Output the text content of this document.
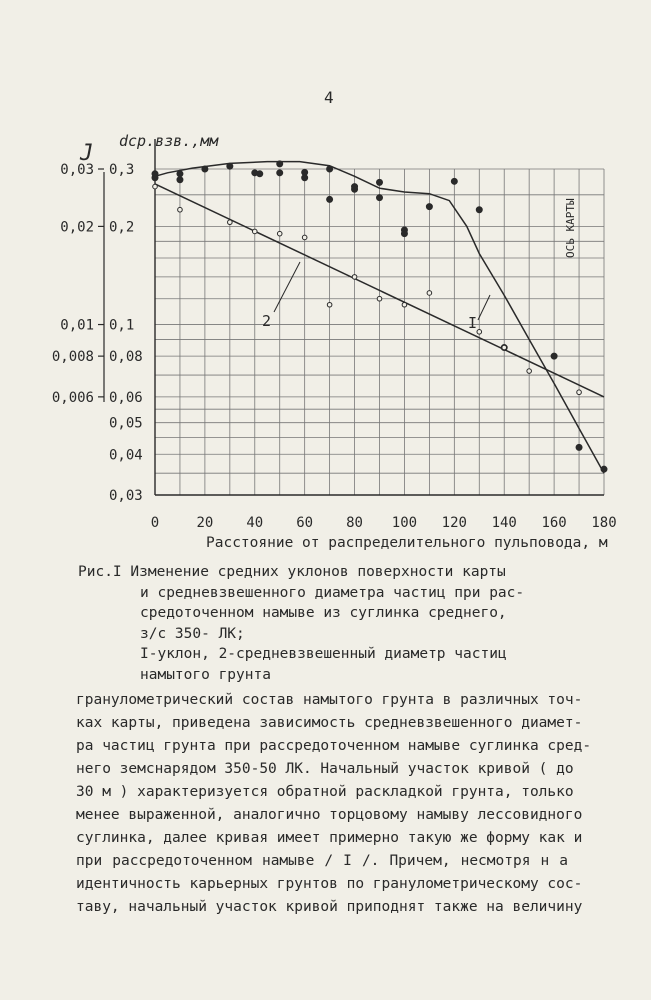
4
0	20 40 60 80 100 120 140 160 180
Расстояние от распределительного пульповода, м
0,3
0,2
0,1
0,08
0,06
0,05
0,04
0,03
0,03
0,02
0,01
0,008
0,006
J dср.взв.,мм
ОСЬ КАРТЫ
I
2
Рис.I Изменение средних уклонов поверхности карты
и средневзвешенного диаметра частиц при рас-
средоточенном намыве из суглинка среднего,
з/с 350- ЛК;
I-уклон, 2-средневзвешенный диаметр частиц
намытого грунта
гранулометрический состав намытого грунта в различных точ-
ках карты, приведена зависимость средневзвешенного диамет-
ра частиц грунта при рассредоточенном намыве суглинка сред-
него земснарядом 350-50 ЛК. Начальный участок кривой ( до
30 м ) характеризуется обратной раскладкой грунта, только
менее выраженной, аналогично торцовому намыву лессовидного
суглинка, далее кривая имеет примерно такую же форму как и
при рассредоточенном намыве / I /. Причем, несмотря н а
идентичность карьерных грунтов по гранулометрическому сос-
таву, начальный участок кривой приподнят также на величину
